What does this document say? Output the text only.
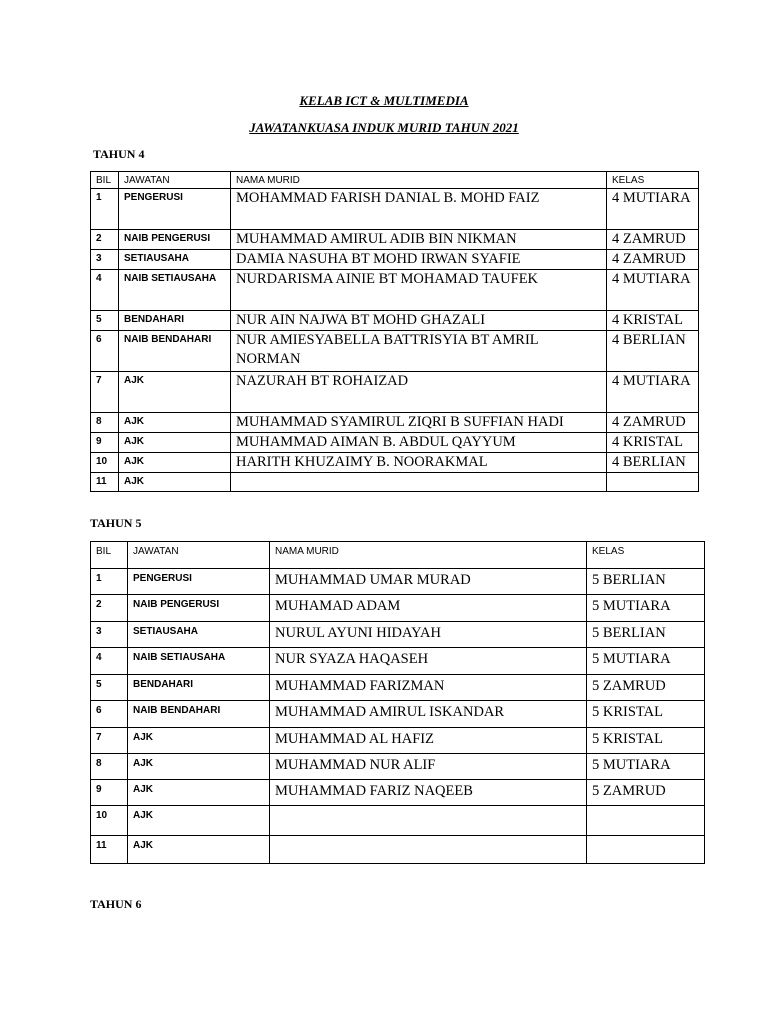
KELAB ICT & MULTIMEDIA

JAWATANKUASA INDUK MURID TAHUN 2021

TAHUN 4

BIL	JAWATAN	NAMA MURID	KELAS
1	PENGERUSI	MOHAMMAD FARISH DANIAL B. MOHD FAIZ	4 MUTIARA
2	NAIB PENGERUSI	MUHAMMAD AMIRUL ADIB BIN NIKMAN	4 ZAMRUD
3	SETIAUSAHA	DAMIA NASUHA BT MOHD IRWAN SYAFIE	4 ZAMRUD
4	NAIB SETIAUSAHA	NURDARISMA AINIE BT MOHAMAD TAUFEK	4 MUTIARA
5	BENDAHARI	NUR AIN NAJWA BT MOHD GHAZALI	4 KRISTAL
6	NAIB BENDAHARI	NUR AMIESYABELLA BATTRISYIA BT AMRIL NORMAN	4 BERLIAN
7	AJK	NAZURAH BT ROHAIZAD	4 MUTIARA
8	AJK	MUHAMMAD SYAMIRUL ZIQRI B SUFFIAN HADI	4 ZAMRUD
9	AJK	MUHAMMAD AIMAN B. ABDUL QAYYUM	4 KRISTAL
10	AJK	HARITH KHUZAIMY B. NOORAKMAL	4 BERLIAN
11	AJK		

TAHUN 5

BIL	JAWATAN	NAMA MURID	KELAS
1	PENGERUSI	MUHAMMAD UMAR MURAD	5 BERLIAN
2	NAIB PENGERUSI	MUHAMAD ADAM	5 MUTIARA
3	SETIAUSAHA	NURUL AYUNI HIDAYAH	5 BERLIAN
4	NAIB SETIAUSAHA	NUR SYAZA HAQASEH	5 MUTIARA
5	BENDAHARI	MUHAMMAD FARIZMAN	5 ZAMRUD
6	NAIB BENDAHARI	MUHAMMAD AMIRUL ISKANDAR	5 KRISTAL
7	AJK	MUHAMMAD AL HAFIZ	5 KRISTAL
8	AJK	MUHAMMAD NUR ALIF	5 MUTIARA
9	AJK	MUHAMMAD FARIZ NAQEEB	5 ZAMRUD
10	AJK		
11	AJK		

TAHUN 6
